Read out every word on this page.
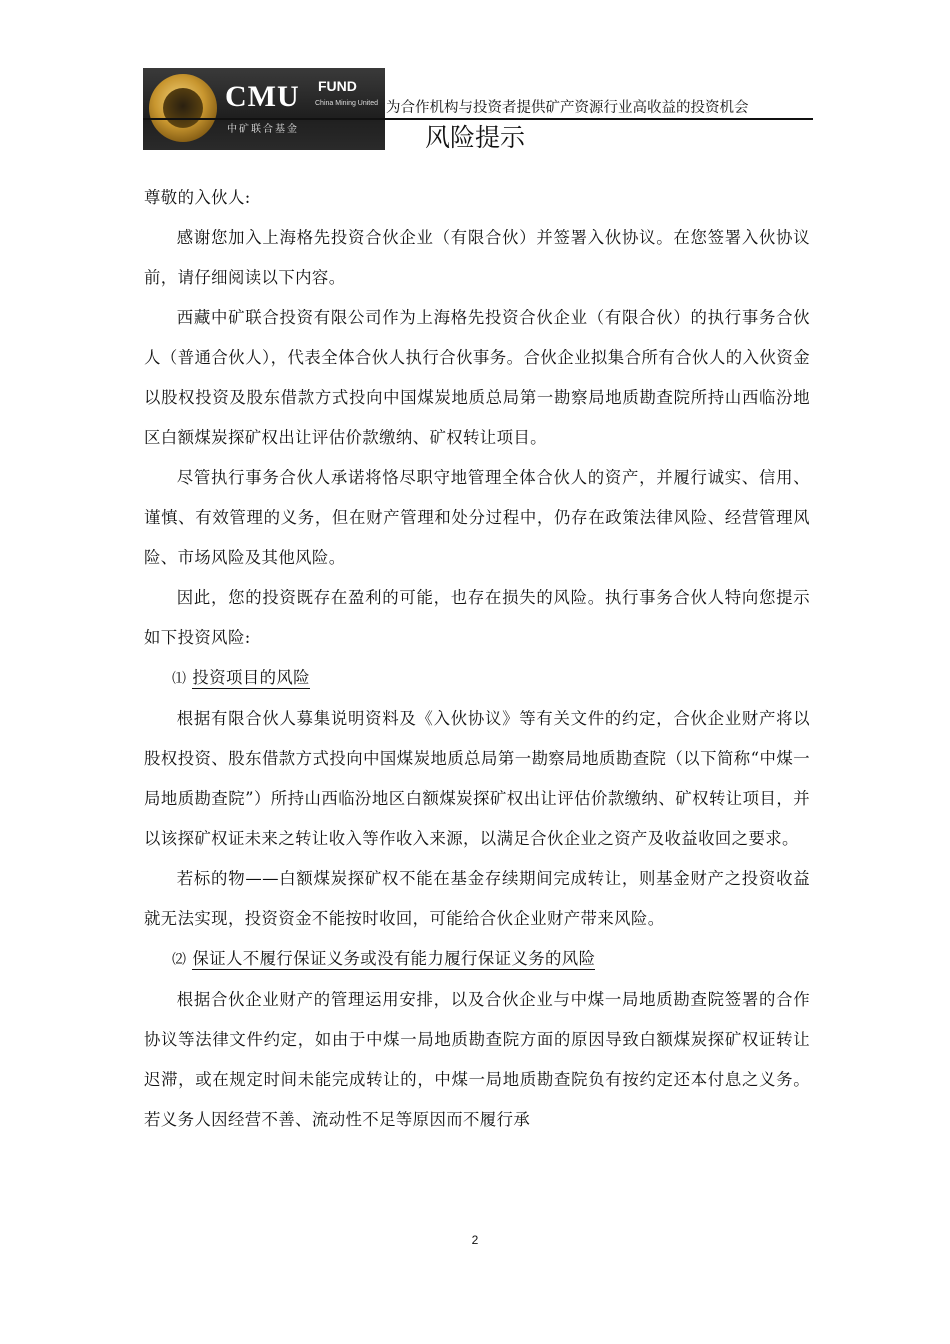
CMU FUND
China Mining United
中矿联合基金
为合作机构与投资者提供矿产资源行业高收益的投资机会
风险提示

尊敬的入伙人:

感谢您加入上海格先投资合伙企业（有限合伙）并签署入伙协议。在您签署入伙协议前，请仔细阅读以下内容。

西藏中矿联合投资有限公司作为上海格先投资合伙企业（有限合伙）的执行事务合伙人（普通合伙人），代表全体合伙人执行合伙事务。合伙企业拟集合所有合伙人的入伙资金以股权投资及股东借款方式投向中国煤炭地质总局第一勘察局地质勘查院所持山西临汾地区白额煤炭探矿权出让评估价款缴纳、矿权转让项目。

尽管执行事务合伙人承诺将恪尽职守地管理全体合伙人的资产，并履行诚实、信用、谨慎、有效管理的义务，但在财产管理和处分过程中，仍存在政策法律风险、经营管理风险、市场风险及其他风险。

因此，您的投资既存在盈利的可能，也存在损失的风险。执行事务合伙人特向您提示如下投资风险:

⑴ 投资项目的风险

根据有限合伙人募集说明资料及《入伙协议》等有关文件的约定，合伙企业财产将以股权投资、股东借款方式投向中国煤炭地质总局第一勘察局地质勘查院（以下简称“中煤一局地质勘查院”）所持山西临汾地区白额煤炭探矿权出让评估价款缴纳、矿权转让项目，并以该探矿权证未来之转让收入等作收入来源，以满足合伙企业之资产及收益收回之要求。

若标的物——白额煤炭探矿权不能在基金存续期间完成转让，则基金财产之投资收益就无法实现，投资资金不能按时收回，可能给合伙企业财产带来风险。

⑵ 保证人不履行保证义务或没有能力履行保证义务的风险

根据合伙企业财产的管理运用安排，以及合伙企业与中煤一局地质勘查院签署的合作协议等法律文件约定，如由于中煤一局地质勘查院方面的原因导致白额煤炭探矿权证转让迟滞，或在规定时间未能完成转让的，中煤一局地质勘查院负有按约定还本付息之义务。若义务人因经营不善、流动性不足等原因而不履行承

2
